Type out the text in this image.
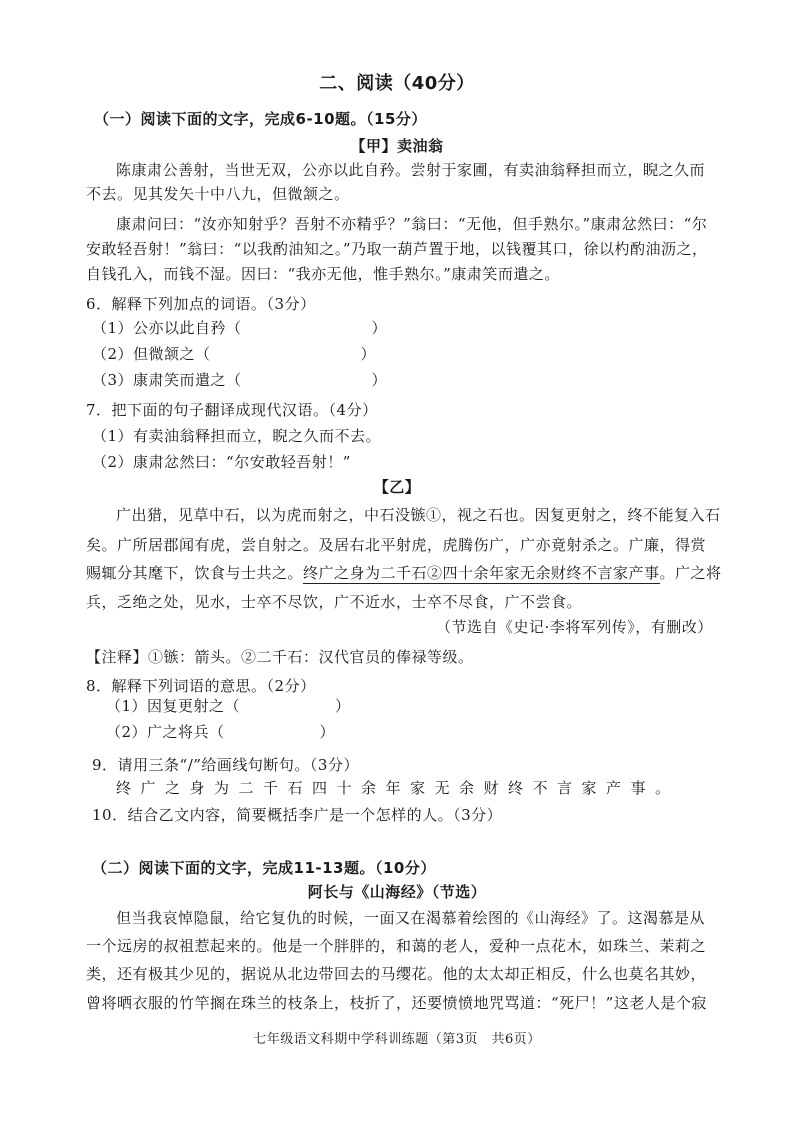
二、阅读（40分）
（一）阅读下面的文字，完成6-10题。（15分）
【甲】卖油翁
陈康肃公善射，当世无双，公亦以此自矜。尝射于家圃，有卖油翁释担而立，睨之久而
不去。见其发矢十中八九，但微颔之。
康肃问曰：“汝亦知射乎？吾射不亦精乎？”翁曰：“无他，但手熟尔。”康肃忿然曰：“尔
安敢轻吾射！”翁曰：“以我酌油知之。”乃取一葫芦置于地，以钱覆其口，徐以杓酌油沥之，
自钱孔入，而钱不湿。因曰：“我亦无他，惟手熟尔。”康肃笑而遣之。
6．解释下列加点的词语。（3分）
（1）公亦以此自矜（	）
（2）但微颔之（	）
（3）康肃笑而遣之（	）
7．把下面的句子翻译成现代汉语。（4分）
（1）有卖油翁释担而立，睨之久而不去。
（2）康肃忿然曰：“尔安敢轻吾射！”
【乙】
广出猎，见草中石，以为虎而射之，中石没镞①，视之石也。因复更射之，终不能复入石
矣。广所居郡闻有虎，尝自射之。及居右北平射虎，虎腾伤广，广亦竟射杀之。广廉，得赏
赐辄分其麾下，饮食与士共之。终广之身为二千石②四十余年家无余财终不言家产事。广之将
兵，乏绝之处，见水，士卒不尽饮，广不近水，士卒不尽食，广不尝食。
（节选自《史记·李将军列传》，有删改）
【注释】①镞：箭头。②二千石：汉代官员的俸禄等级。
8．解释下列词语的意思。（2分）
（1）因复更射之（	）
（2）广之将兵（	）
9．请用三条“/”给画线句断句。（3分）
终广之身为二千石四十余年家无余财终不言家产事。
10．结合乙文内容，简要概括李广是一个怎样的人。（3分）
（二）阅读下面的文字，完成11-13题。（10分）
阿长与《山海经》（节选）
但当我哀悼隐鼠，给它复仇的时候，一面又在渴慕着绘图的《山海经》了。这渴慕是从
一个远房的叔祖惹起来的。他是一个胖胖的，和蔼的老人，爱种一点花木，如珠兰、茉莉之
类，还有极其少见的，据说从北边带回去的马缨花。他的太太却正相反，什么也莫名其妙，
曾将晒衣服的竹竿搁在珠兰的枝条上，枝折了，还要愤愤地咒骂道：“死尸！”这老人是个寂
七年级语文科期中学科训练题（第3页　共6页）
